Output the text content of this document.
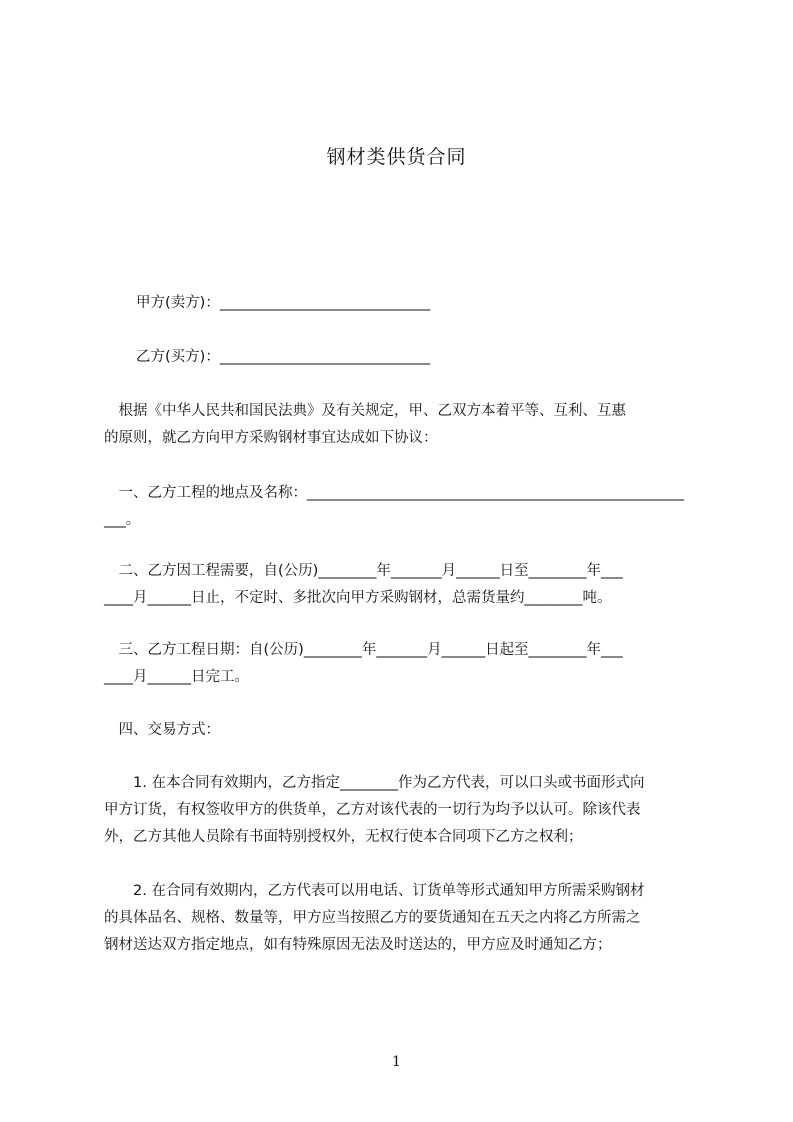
钢材类供货合同

甲方(卖方)：_____________________________

乙方(买方)：_____________________________

　根据《中华人民共和国民法典》及有关规定，甲、乙双方本着平等、互利、互惠

的原则，就乙方向甲方采购钢材事宜达成如下协议：

　一、乙方工程的地点及名称：____________________________________________________

___。

　二、乙方因工程需要，自(公历)________年_______月______日至________年___

____月______日止，不定时、多批次向甲方采购钢材，总需货量约________吨。

　三、乙方工程日期：自(公历)________年_______月______日起至________年___

____月______日完工。

　四、交易方式：

　　1. 在本合同有效期内，乙方指定________作为乙方代表，可以口头或书面形式向

甲方订货，有权签收甲方的供货单，乙方对该代表的一切行为均予以认可。除该代表

外，乙方其他人员除有书面特别授权外，无权行使本合同项下乙方之权利；

　　2. 在合同有效期内，乙方代表可以用电话、订货单等形式通知甲方所需采购钢材

的具体品名、规格、数量等，甲方应当按照乙方的要货通知在五天之内将乙方所需之

钢材送达双方指定地点，如有特殊原因无法及时送达的，甲方应及时通知乙方；

1
